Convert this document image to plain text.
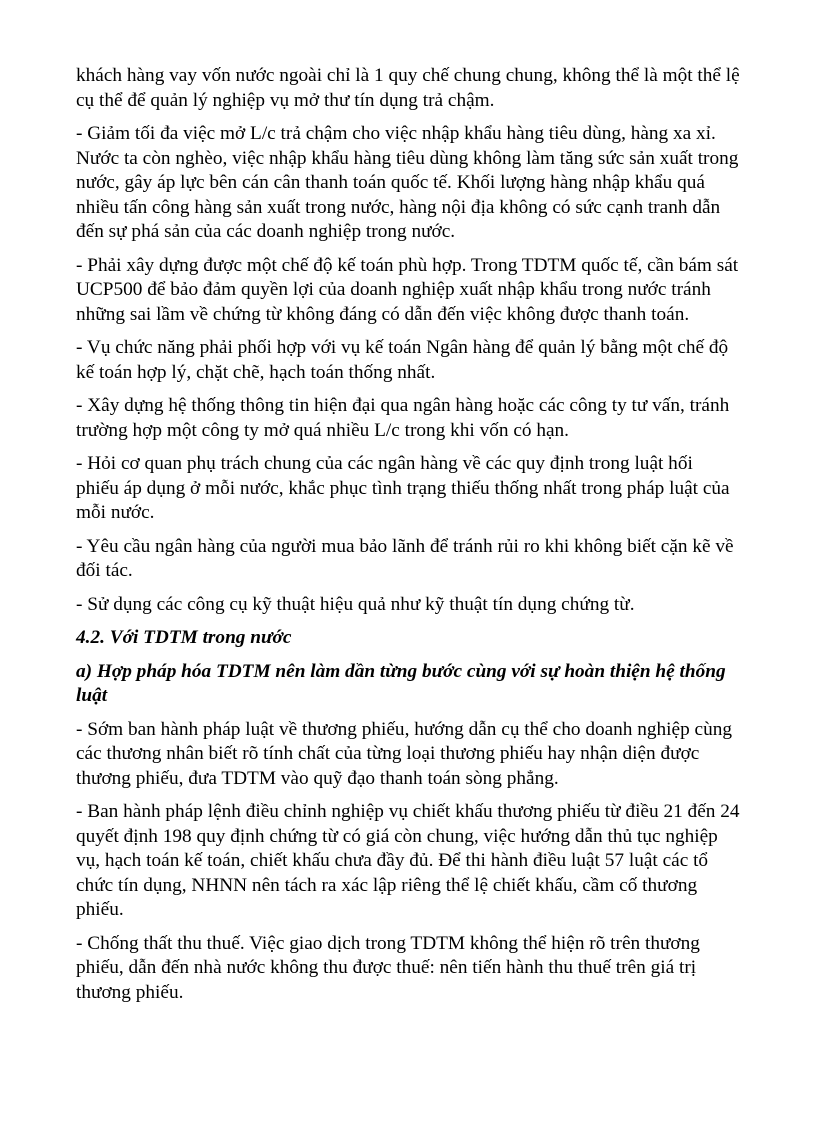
khách hàng vay vốn nước ngoài chỉ là 1 quy chế chung chung, không thể là một thể lệ cụ thể để quản lý nghiệp vụ mở thư tín dụng trả chậm.

- Giảm tối đa việc mở L/c trả chậm cho việc nhập khẩu hàng tiêu dùng, hàng xa xỉ. Nước ta còn nghèo, việc nhập khẩu hàng tiêu dùng không làm tăng sức sản xuất trong nước, gây áp lực bên cán cân thanh toán quốc tế. Khối lượng hàng nhập khẩu quá nhiều tấn công hàng sản xuất trong nước, hàng nội địa không có sức cạnh tranh dẫn đến sự phá sản của các doanh nghiệp trong nước.

- Phải xây dựng được một chế độ kế toán phù hợp. Trong TDTM quốc tế, cần bám sát UCP500 để bảo đảm quyền lợi của doanh nghiệp xuất nhập khẩu trong nước tránh những sai lầm về chứng từ không đáng có dẫn đến việc không được thanh toán.

- Vụ chức năng phải phối hợp với vụ kế toán Ngân hàng để quản lý bằng một chế độ kế toán hợp lý, chặt chẽ, hạch toán thống nhất.

- Xây dựng hệ thống thông tin hiện đại qua ngân hàng hoặc các công ty tư vấn, tránh trường hợp một công ty mở quá nhiều L/c trong khi vốn có hạn.

- Hỏi cơ quan phụ trách chung của các ngân hàng về các quy định trong luật hối phiếu áp dụng ở mỗi nước, khắc phục tình trạng thiếu thống nhất trong pháp luật của mỗi nước.

- Yêu cầu ngân hàng của người mua bảo lãnh để tránh rủi ro khi không biết cặn kẽ về đối tác.

- Sử dụng các công cụ kỹ thuật hiệu quả như kỹ thuật tín dụng chứng từ.

4.2. Với TDTM trong nước

a) Hợp pháp hóa TDTM nên làm dần từng bước cùng với sự hoàn thiện hệ thống luật

- Sớm ban hành pháp luật về thương phiếu, hướng dẫn cụ thể cho doanh nghiệp cùng các thương nhân biết rõ tính chất của từng loại thương phiếu hay nhận diện được thương phiếu, đưa TDTM vào quỹ đạo thanh toán sòng phẳng.

- Ban hành pháp lệnh điều chỉnh nghiệp vụ chiết khấu thương phiếu từ điều 21 đến 24 quyết định 198 quy định chứng từ có giá còn chung, việc hướng dẫn thủ tục nghiệp vụ, hạch toán kế toán, chiết khấu chưa đầy đủ. Để thi hành điều luật 57 luật các tổ chức tín dụng, NHNN nên tách ra xác lập riêng thể lệ chiết khấu, cầm cố thương phiếu.

- Chống thất thu thuế. Việc giao dịch trong TDTM không thể hiện rõ trên thương phiếu, dẫn đến nhà nước không thu được thuế: nên tiến hành thu thuế trên giá trị thương phiếu.
